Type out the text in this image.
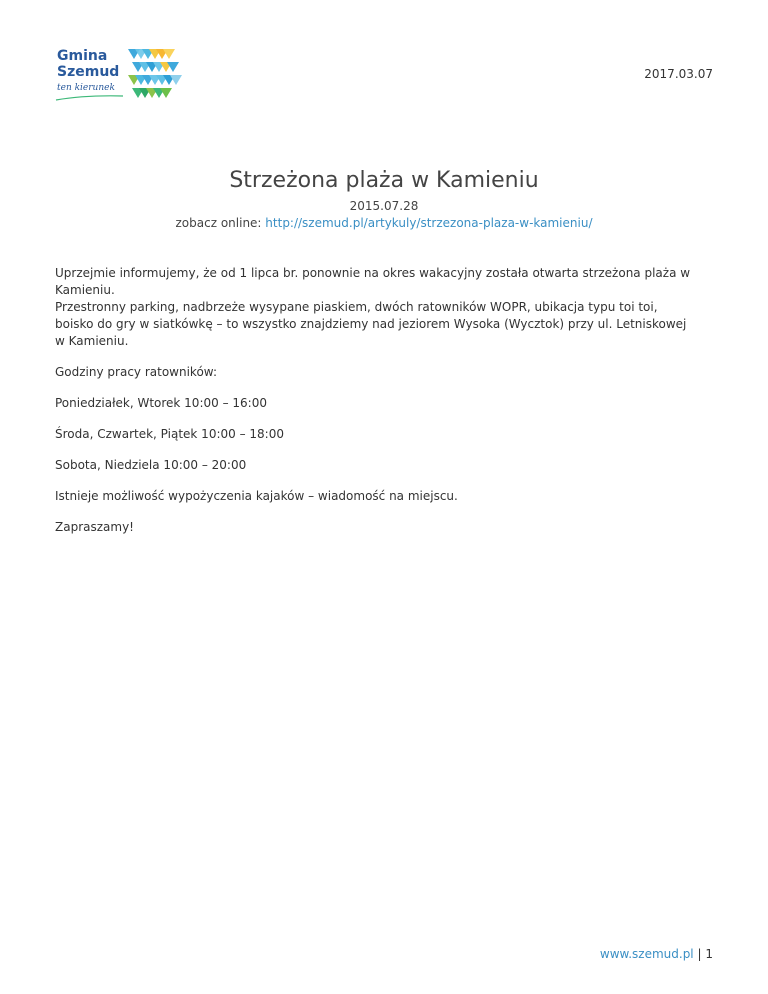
Gmina
Szemud
ten kierunek
2017.03.07
Strzeżona plaża w Kamieniu
2015.07.28
zobacz online: http://szemud.pl/artykuly/strzezona-plaza-w-kamieniu/

Uprzejmie informujemy, że od 1 lipca br. ponownie na okres wakacyjny została otwarta strzeżona plaża w Kamieniu.
Przestronny parking, nadbrzeże wysypane piaskiem, dwóch ratowników WOPR, ubikacja typu toi toi, boisko do gry w siatkówkę – to wszystko znajdziemy nad jeziorem Wysoka (Wycztok) przy ul. Letniskowej w Kamieniu.

Godziny pracy ratowników:

Poniedziałek, Wtorek 10:00 – 16:00

Środa, Czwartek, Piątek 10:00 – 18:00

Sobota, Niedziela 10:00 – 20:00

Istnieje możliwość wypożyczenia kajaków – wiadomość na miejscu.

Zapraszamy!

www.szemud.pl | 1
